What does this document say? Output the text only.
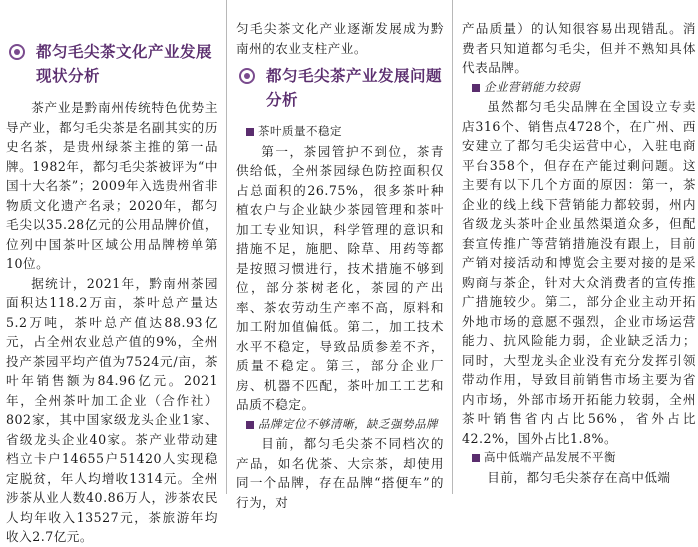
都匀毛尖茶文化产业发展现状分析

茶产业是黔南州传统特色优势主导产业，都匀毛尖茶是名副其实的历史名茶，是贵州绿茶主推的第一品牌。1982年，都匀毛尖茶被评为“中国十大名茶”；2009年入选贵州省非物质文化遗产名录；2020年，都匀毛尖以35.28亿元的公用品牌价值，位列中国茶叶区域公用品牌榜单第10位。

据统计，2021年，黔南州茶园面积达118.2万亩，茶叶总产量达5.2万吨，茶叶总产值达88.93亿元，占全州农业总产值的9%，全州投产茶园平均产值为7524元/亩，茶叶年销售额为84.96亿元。2021年，全州茶叶加工企业（合作社）802家，其中国家级龙头企业1家、省级龙头企业40家。茶产业带动建档立卡户14655户51420人实现稳定脱贫，年人均增收1314元。全州涉茶从业人数40.86万人，涉茶农民人均年收入13527元，茶旅游年均收入2.7亿元。

匀毛尖茶文化产业逐渐发展成为黔南州的农业支柱产业。

都匀毛尖茶产业发展问题分析
茶叶质量不稳定

第一，茶园管护不到位，茶青供给低，全州茶园绿色防控面积仅占总面积的26.75%，很多茶叶种植农户与企业缺少茶园管理和茶叶加工专业知识，科学管理的意识和措施不足，施肥、除草、用药等都是按照习惯进行，技术措施不够到位，部分茶树老化，茶园的产出率、茶农劳动生产率不高，原料和加工附加值偏低。第二，加工技术水平不稳定，导致品质参差不齐，质量不稳定。第三，部分企业厂房、机器不匹配，茶叶加工工艺和品质不稳定。

品牌定位不够清晰，缺乏强势品牌

目前，都匀毛尖茶不同档次的产品，如名优茶、大宗茶，却使用同一个品牌，存在品牌“搭便车”的行为，对

产品质量）的认知很容易出现错乱。消费者只知道都匀毛尖，但并不熟知具体代表品牌。

企业营销能力较弱

虽然都匀毛尖品牌在全国设立专卖店316个、销售点4728个，在广州、西安建立了都匀毛尖运营中心，入驻电商平台358个，但存在产能过剩问题。这主要有以下几个方面的原因：第一，茶企业的线上线下营销能力都较弱，州内省级龙头茶叶企业虽然渠道众多，但配套宣传推广等营销措施没有跟上，目前产销对接活动和博览会主要对接的是采购商与茶企，针对大众消费者的宣传推广措施较少。第二，部分企业主动开拓外地市场的意愿不强烈，企业市场运营能力、抗风险能力弱，企业缺乏活力；同时，大型龙头企业没有充分发挥引领带动作用，导致目前销售市场主要为省内市场，外部市场开拓能力较弱，全州茶叶销售省内占比56%，省外占比42.2%，国外占比1.8%。

高中低端产品发展不平衡

目前，都匀毛尖茶存在高中低端
